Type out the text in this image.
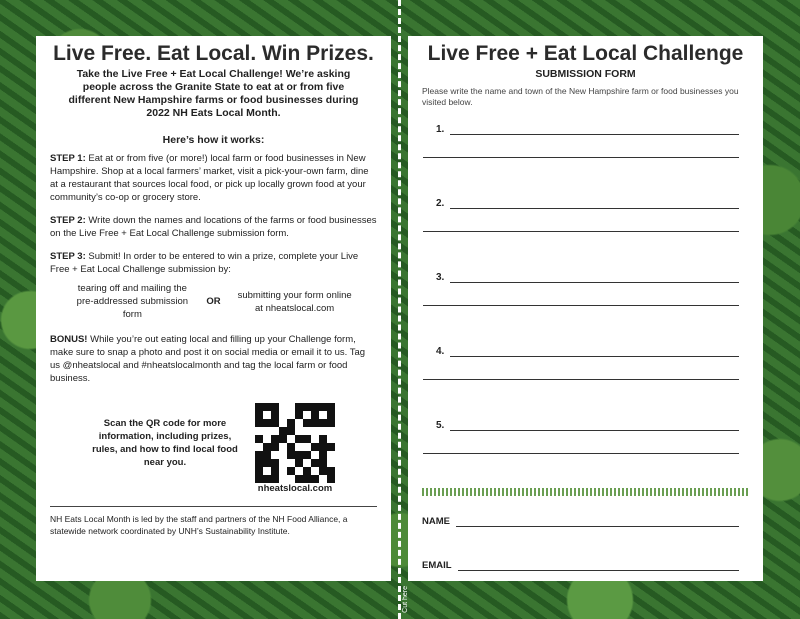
Cut here
Live Free. Eat Local. Win Prizes.

Take the Live Free + Eat Local Challenge! We’re asking people across the Granite State to eat at or from five different New Hampshire farms or food businesses during 2022 NH Eats Local Month.

Here’s how it works:

STEP 1: Eat at or from five (or more!) local farm or food businesses in New Hampshire. Shop at a local farmers’ market, visit a pick-your-own farm, dine at a restaurant that sources local food, or pick up locally grown food at your community’s co-op or grocery store.

STEP 2: Write down the names and locations of the farms or food businesses on the Live Free + Eat Local Challenge submission form.

STEP 3: Submit! In order to be entered to win a prize, complete your Live Free + Eat Local Challenge submission by:

tearing off and mailing the pre-addressed submission form
OR
submitting your form online at nheatslocal.com

BONUS! While you’re out eating local and filling up your Challenge form, make sure to snap a photo and post it on social media or email it to us. Tag us @nheatslocal and #nheatslocalmonth and tag the local farm or food business.

Scan the QR code for more information, including prizes, rules, and how to find local food near you.
nheatslocal.com
NH Eats Local Month is led by the staff and partners of the NH Food Alliance, a statewide network coordinated by UNH’s Sustainability Institute.
Live Free + Eat Local Challenge

SUBMISSION FORM

Please write the name and town of the New Hampshire farm or food businesses you visited below.

1.
2.
3.
4.
5.
NAME
EMAIL
